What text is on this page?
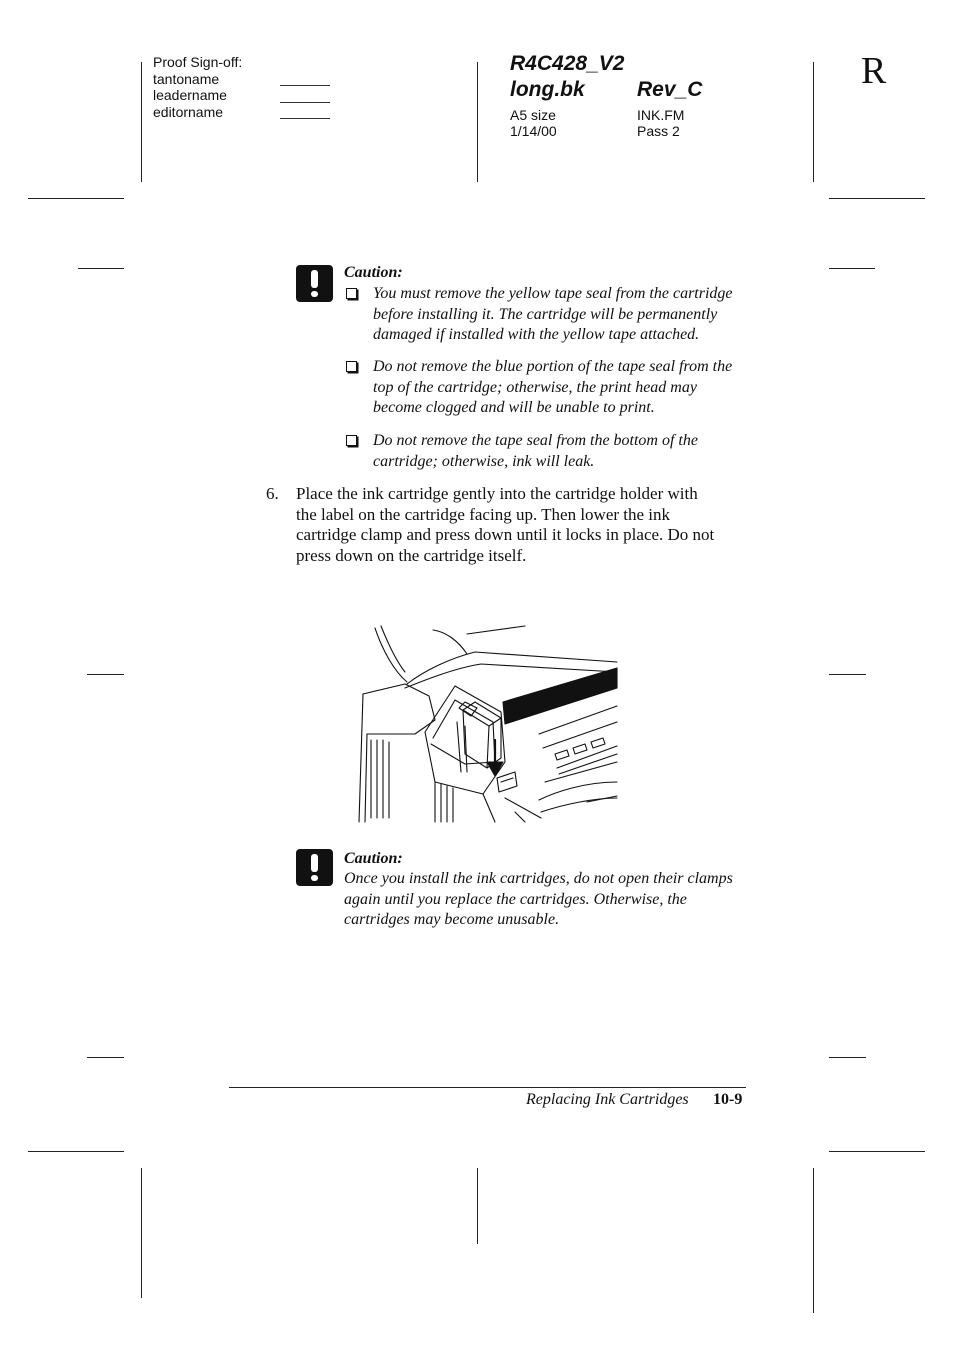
Proof Sign-off:
tantoname
leadername
editorname
R4C428_V2
long.bk Rev_C
A5 size
1/14/00
INK.FM
Pass 2
R
Caution:
You must remove the yellow tape seal from the cartridge
before installing it. The cartridge will be permanently
damaged if installed with the yellow tape attached.
Do not remove the blue portion of the tape seal from the
top of the cartridge; otherwise, the print head may
become clogged and will be unable to print.
Do not remove the tape seal from the bottom of the
cartridge; otherwise, ink will leak.
6. Place the ink cartridge gently into the cartridge holder with
the label on the cartridge facing up. Then lower the ink
cartridge clamp and press down until it locks in place. Do not
press down on the cartridge itself.
Caution:
Once you install the ink cartridges, do not open their clamps
again until you replace the cartridges. Otherwise, the
cartridges may become unusable.
Replacing Ink Cartridges 10-9
